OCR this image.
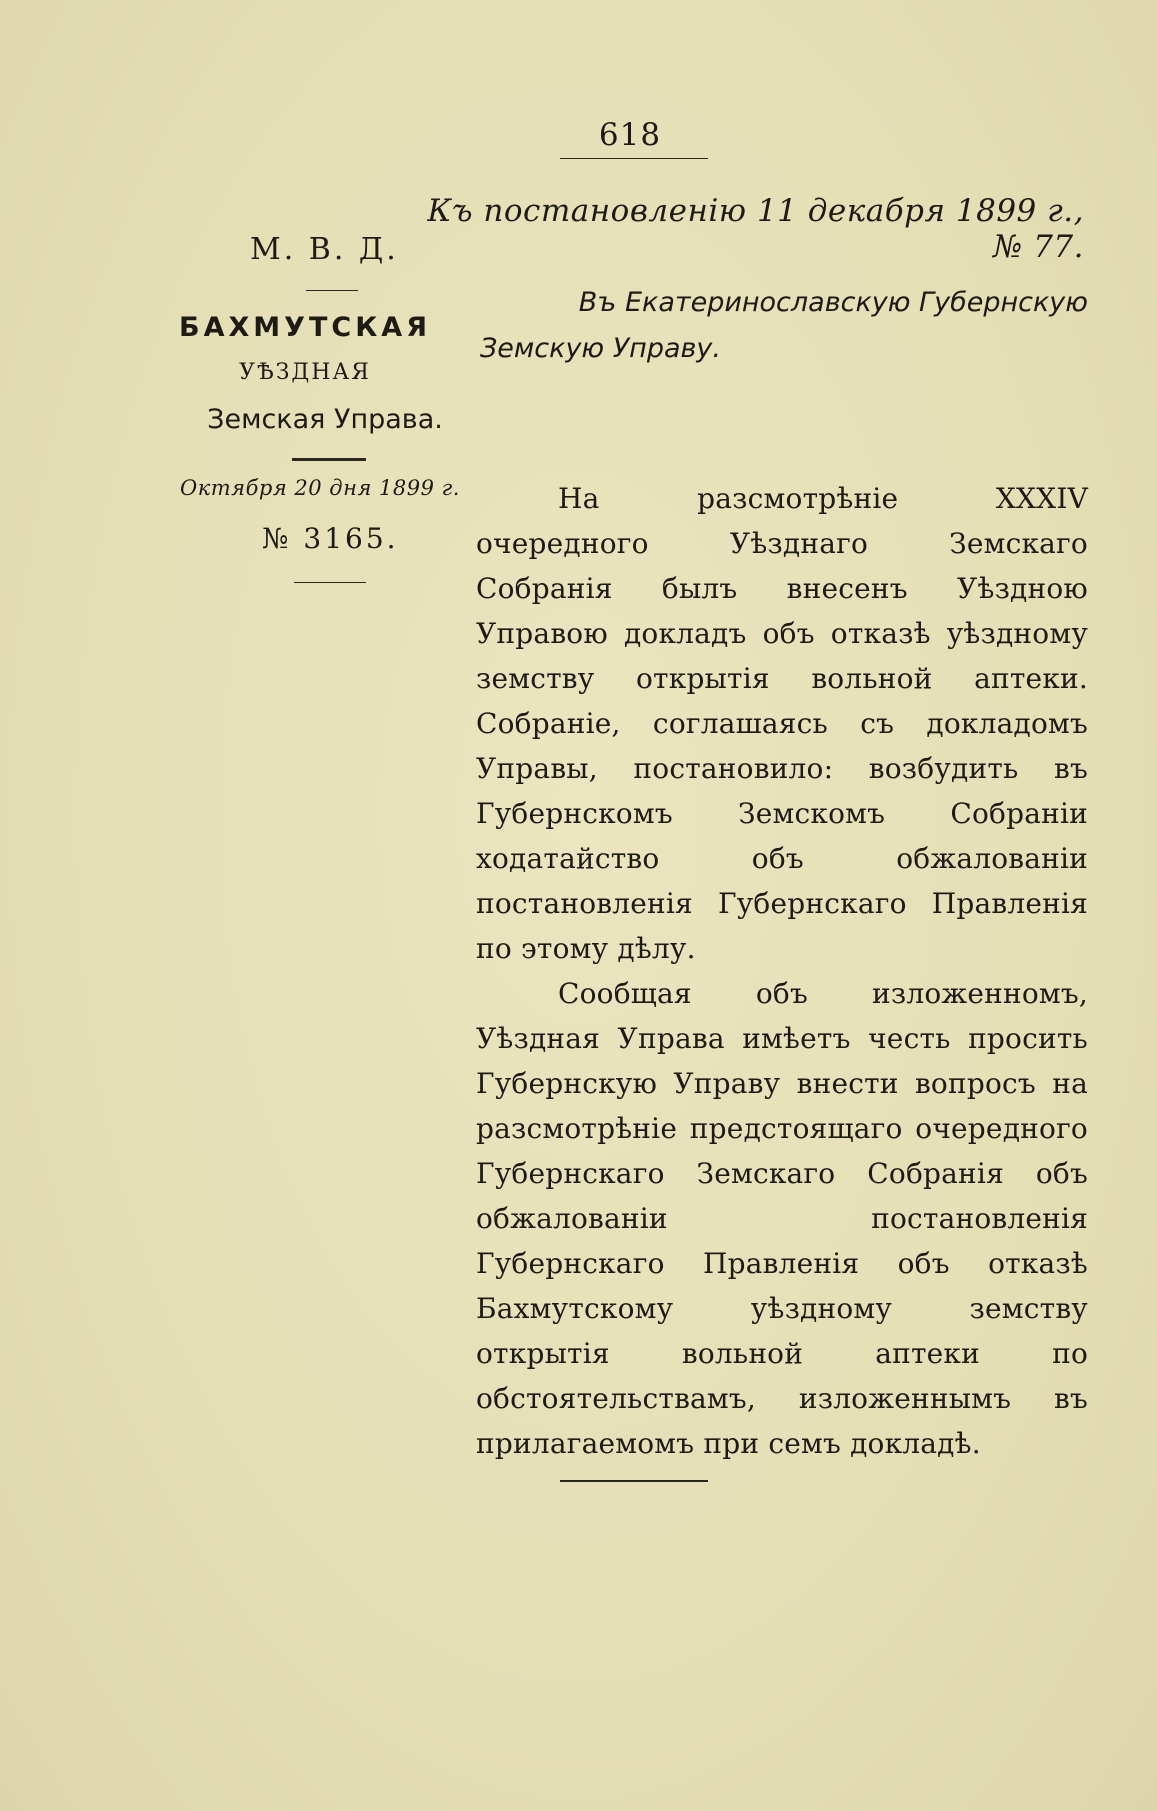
618
Къ постановленію 11 декабря 1899 г., № 77.
М. В. Д.
БАХМУТСКАЯ
УѢЗДНАЯ
Земская Управа.
Въ Екатеринославскую Губернскую
Земскую Управу.
Октября 20 дня 1899 г.
№ 3165.

На разсмотрѣніе XXXIV очередного Уѣзднаго Земскаго Собранія былъ внесенъ Уѣздною Управою докладъ объ отказѣ уѣздному земству открытія вольной аптеки. Собраніе, соглашаясь съ докладомъ Управы, постановило: возбудить въ Губернскомъ Земскомъ Собраніи ходатайство объ обжалованіи постановленія Губернскаго Правленія по этому дѣлу.

Сообщая объ изложенномъ, Уѣздная Управа имѣетъ честь просить Губернскую Управу внести вопросъ на разсмотрѣніе предстоящаго очередного Губернскаго Земскаго Собранія объ обжалованіи постановленія Губернскаго Правленія объ отказѣ Бахмутскому уѣздному земству открытія вольной аптеки по обстоятельствамъ, изложеннымъ въ прилагаемомъ при семъ докладѣ.
